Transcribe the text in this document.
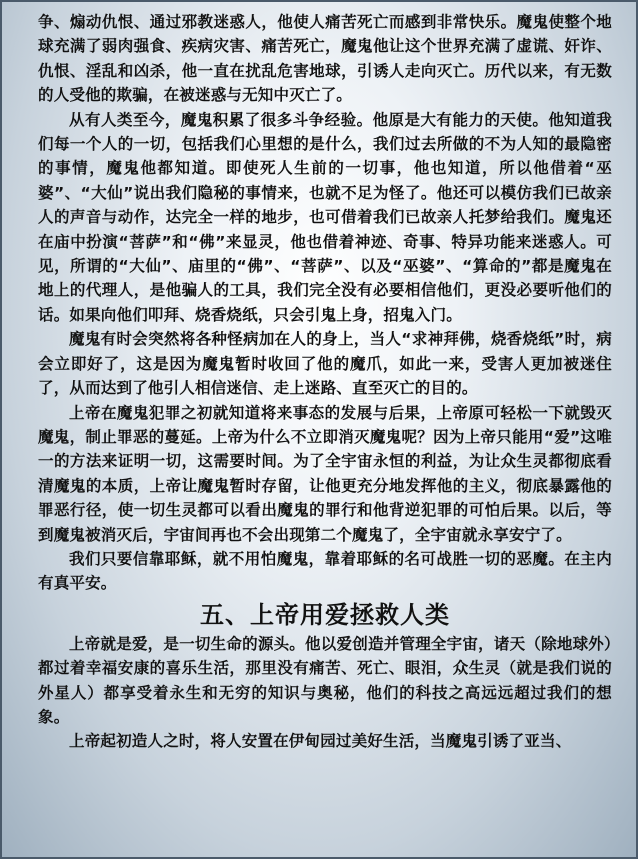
争、煽动仇恨、通过邪教迷惑人，他使人痛苦死亡而感到非常快乐。魔鬼使整个地球充满了弱肉强食、疾病灾害、痛苦死亡，魔鬼他让这个世界充满了虚谎、奸诈、仇恨、淫乱和凶杀，他一直在扰乱危害地球，引诱人走向灭亡。历代以来，有无数的人受他的欺骗，在被迷惑与无知中灭亡了。

从有人类至今，魔鬼积累了很多斗争经验。他原是大有能力的天使。他知道我们每一个人的一切，包括我们心里想的是什么，我们过去所做的不为人知的最隐密的事情，魔鬼他都知道。即使死人生前的一切事，他也知道，所以他借着“巫婆”、“大仙”说出我们隐秘的事情来，也就不足为怪了。他还可以模仿我们已故亲人的声音与动作，达完全一样的地步，也可借着我们已故亲人托梦给我们。魔鬼还在庙中扮演“菩萨”和“佛”来显灵，他也借着神迹、奇事、特异功能来迷惑人。可见，所谓的“大仙”、庙里的“佛”、“菩萨”、以及“巫婆”、“算命的”都是魔鬼在地上的代理人，是他骗人的工具，我们完全没有必要相信他们，更没必要听他们的话。如果向他们叩拜、烧香烧纸，只会引鬼上身，招鬼入门。

魔鬼有时会突然将各种怪病加在人的身上，当人“求神拜佛，烧香烧纸”时，病会立即好了，这是因为魔鬼暂时收回了他的魔爪，如此一来，受害人更加被迷住了，从而达到了他引人相信迷信、走上迷路、直至灭亡的目的。

上帝在魔鬼犯罪之初就知道将来事态的发展与后果，上帝原可轻松一下就毁灭魔鬼，制止罪恶的蔓延。上帝为什么不立即消灭魔鬼呢？因为上帝只能用“爱”这唯一的方法来证明一切，这需要时间。为了全宇宙永恒的利益，为让众生灵都彻底看清魔鬼的本质，上帝让魔鬼暂时存留，让他更充分地发挥他的主义，彻底暴露他的罪恶行径，使一切生灵都可以看出魔鬼的罪行和他背逆犯罪的可怕后果。以后，等到魔鬼被消灭后，宇宙间再也不会出现第二个魔鬼了，全宇宙就永享安宁了。

我们只要信靠耶稣，就不用怕魔鬼，靠着耶稣的名可战胜一切的恶魔。在主内有真平安。

五、上帝用爱拯救人类

上帝就是爱，是一切生命的源头。他以爱创造并管理全宇宙，诸天（除地球外）都过着幸福安康的喜乐生活，那里没有痛苦、死亡、眼泪，众生灵（就是我们说的外星人）都享受着永生和无穷的知识与奥秘，他们的科技之高远远超过我们的想象。

上帝起初造人之时，将人安置在伊甸园过美好生活，当魔鬼引诱了亚当、
